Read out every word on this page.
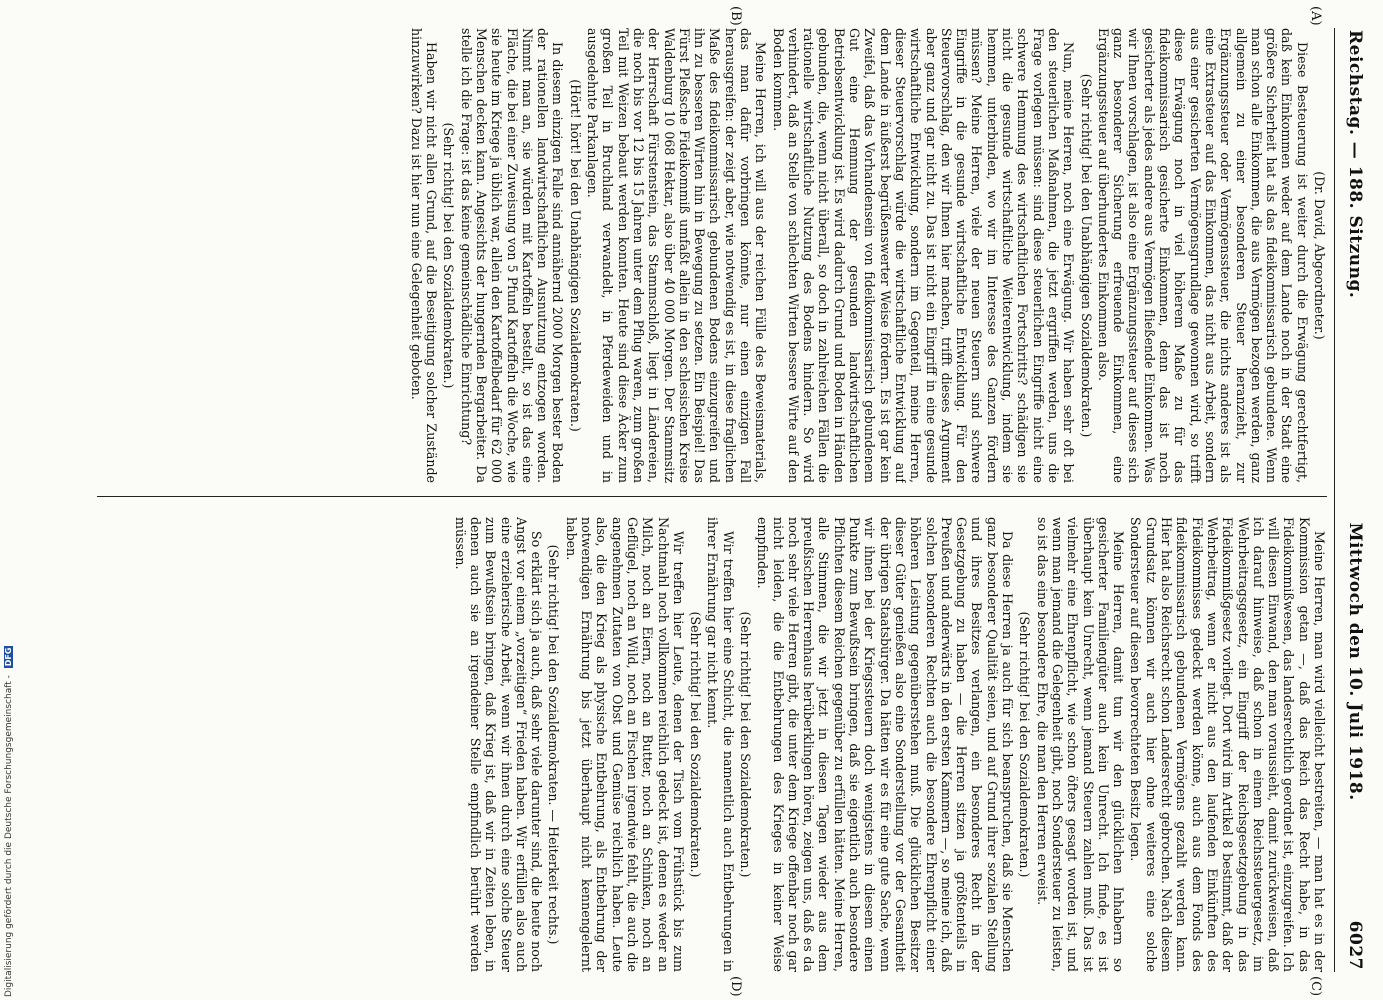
Reichstag. — 188. Sitzung.
Mittwoch den 10. Juli 1918.6027
(A)
(B)
(C)
(D)

(Dr. David, Abgeordneter.)

Diese Besteuerung ist weiter durch die Erwägung gerechtfertigt, daß kein Einkommen weder auf dem Lande noch in der Stadt eine größere Sicherheit hat als das fideikommissarisch gebundene. Wenn man schon alle Einkommen, die aus Vermögen bezogen werden, ganz allgemein zu einer besonderen Steuer heranzieht, zur Ergänzungssteuer oder Vermögenssteuer, die nichts anderes ist als eine Extrasteuer auf das Einkommen, das nicht aus Arbeit, sondern aus einer gesicherten Vermögensgrundlage gewonnen wird, so trifft diese Erwägung noch in viel höherem Maße zu für das fideikommissarisch gesicherte Einkommen, denn das ist noch gesicherter als jedes andere aus Vermögen fließende Einkommen. Was wir Ihnen vorschlagen, ist also eine Ergänzungssteuer auf dieses sich ganz besonderer Sicherung erfreuende Einkommen, eine Ergänzungssteuer auf überhundertes Einkommen also.

(Sehr richtig! bei den Unabhängigen Sozialdemokraten.)

Nun, meine Herren, noch eine Erwägung. Wir haben sehr oft bei den steuerlichen Maßnahmen, die jetzt ergriffen werden, uns die Frage vorlegen müssen: sind diese steuerlichen Eingriffe nicht eine schwere Hemmung des wirtschaftlichen Fortschritts? schädigen sie nicht die gesunde wirtschaftliche Weiterentwicklung, indem sie hemmen, unterbinden, wo wir im Interesse des Ganzen fördern müssen? Meine Herren, viele der neuen Steuern sind schwere Eingriffe in die gesunde wirtschaftliche Entwicklung. Für den Steuervorschlag, den wir Ihnen hier machen, trifft dieses Argument aber ganz und gar nicht zu. Das ist nicht ein Eingriff in eine gesunde wirtschaftliche Entwicklung, sondern im Gegenteil, meine Herren, dieser Steuervorschlag würde die wirtschaftliche Entwicklung auf dem Lande in äußerst begrüßenswerter Weise fördern. Es ist gar kein Zweifel, daß das Vorhandensein von fideikommissarisch gebundenem Gut eine Hemmung der gesunden landwirtschaftlichen Betriebsentwicklung ist. Es wird dadurch Grund und Boden in Händen gebunden, die, wenn nicht überall, so doch in zahlreichen Fällen die rationelle wirtschaftliche Nutzung des Bodens hindern. So wird verhindert, daß an Stelle von schlechten Wirten bessere Wirte auf den Boden kommen.

Meine Herren, ich will aus der reichen Fülle des Beweismaterials, das man dafür vorbringen könnte, nur einen einzigen Fall herausgreifen: der zeigt aber, wie notwendig es ist, in diese fraglichen Maße des fideikommissarisch gebundenen Bodens einzugreifen und ihn zu besseren Wirten hin in Bewegung zu setzen. Ein Beispiel! Das Fürst Pleßsche Fideikommiß umfaßt allein in den schlesischen Kreise Waldenburg 10 068 Hektar, also über 40 000 Morgen. Der Stammsitz der Herrschaft Fürstenstein, das Stammschloß, liegt in Ländereien, die noch bis vor 12 bis 15 Jahren unter dem Pflug waren, zum großen Teil mit Weizen bebaut werden konnten. Heute sind diese Äcker zum großen Teil in Bruchland verwandelt, in Pferdeweiden und in ausgedehnte Parkanlagen.

(Hört! hört! bei den Unabhängigen Sozialdemokraten.)

In diesem einzigen Falle sind annähernd 2000 Morgen bester Boden der rationellen landwirtschaftlichen Ausnutzung entzogen worden. Nimmt man an, sie würden mit Kartoffeln bestellt, so ist das eine Fläche, die bei einer Zuweisung von 5 Pfund Kartoffeln die Woche, wie sie heute im Kriege ja üblich war, allein den Kartoffelbedarf für 62 000 Menschen decken kann. Angesichts der hungernden Bergarbeiter. Da stelle ich die Frage: ist das keine gemeinschädliche Einrichtung?

(Sehr richtig! bei den Sozialdemokraten.)

Haben wir nicht allen Grund, auf die Beseitigung solcher Zustände hinzuwirken? Dazu ist hier nun eine Gelegenheit geboten.

Meine Herren, man wird vielleicht bestreiten, — man hat es in der Kommission getan —, daß das Reich das Recht habe, in das Fideikommißwesen, das landesrechtlich geordnet ist, einzugreifen. Ich will diesen Einwand, den man voraussieht, damit zurückweisen, daß ich darauf hinweise, daß schon in einem Reichssteuergesetz, im Wehrbeitragsgesetz, ein Eingriff der Reichsgesetzgebung in das Fideikommißgesetz vorliegt. Dort wird im Artikel 8 bestimmt, daß der Wehrbeitrag, wenn er nicht aus den laufenden Einkünften des Fideikommisses gedeckt werden könne, auch aus dem Fonds des fideikommissarisch gebundenen Vermögens gezahlt werden kann. Hier hat also Reichsrecht schon Landesrecht gebrochen. Nach diesem Grundsatz können wir auch hier ohne weiteres eine solche Sondersteuer auf diesen bevorrechteten Besitz legen.

Meine Herren, damit tun wir den glücklichen Inhabern so gesicherter Familiengüter auch kein Unrecht. Ich finde, es ist überhaupt kein Unrecht, wenn jemand Steuern zahlen muß. Das ist vielmehr eine Ehrenpflicht, wie schon öfters gesagt worden ist, und wenn man jemand die Gelegenheit gibt, noch Sondersteuer zu leisten, so ist das eine besondere Ehre, die man den Herren erweist.

(Sehr richtig! bei den Sozialdemokraten.)

Da diese Herren ja auch für sich beanspruchen, daß sie Menschen ganz besonderer Qualität seien, und auf Grund ihrer sozialen Stellung und ihres Besitzes verlangen, ein besonderes Recht in der Gesetzgebung zu haben — die Herren sitzen ja größtenteils in Preußen und anderwärts in den ersten Kammern —, so meine ich, daß solchen besonderen Rechten auch die besondere Ehrenpflicht einer höheren Leistung gegenüberstehen muß. Die glücklichen Besitzer dieser Güter genießen also eine Sonderstellung vor der Gesamtheit der übrigen Staatsbürger. Da hätten wir es für eine gute Sache, wenn wir ihnen bei der Kriegssteuern doch wenigstens in diesem einen Punkte zum Bewußtsein bringen, daß sie eigentlich auch besondere Pflichten diesem Reichen gegenüber zu erfüllen hätten. Meine Herren, alle Stimmen, die wir jetzt in diesen Tagen wieder aus dem preußischen Herrenhaus herüberklingen hören, zeigen uns, daß es da noch sehr viele Herren gibt, die unter dem Kriege offenbar noch gar nicht leiden, die die Entbehrungen des Krieges in keiner Weise empfinden.

(Sehr richtig! bei den Sozialdemokraten.)

Wir treffen hier eine Schicht, die namentlich auch Entbehrungen in ihrer Ernährung gar nicht kennt.

(Sehr richtig! bei den Sozialdemokraten.)

Wir treffen hier Leute, denen der Tisch vom Frühstück bis zum Nachtmahl noch vollkommen reichlich gedeckt ist, denen es weder an Milch, noch an Eiern, noch an Butter, noch an Schinken, noch an Geflügel, noch an Wild, noch an Fischen irgendwie fehlt, die auch die angenehmen Zutaten von Obst und Gemüse reichlich haben. Leute also, die den Krieg als physische Entbehrung, als Entbehrung der notwendigen Ernährung bis jetzt überhaupt nicht kennengelernt haben.

(Sehr richtig! bei den Sozialdemokraten. — Heiterkeit rechts.)

So erklärt sich ja auch, daß sehr viele darunter sind, die heute noch Angst vor einem „vorzeitigen“ Frieden haben. Wir erfüllen also auch eine erzieherische Arbeit, wenn wir ihnen durch eine solche Steuer zum Bewußtsein bringen, daß Krieg ist, daß wir in Zeiten leben, in denen auch sie an irgendeiner Stelle empfindlich berührt werden müssen.

Digitalisierung gefördert durch die Deutsche Forschungsgemeinschaft - DFG
